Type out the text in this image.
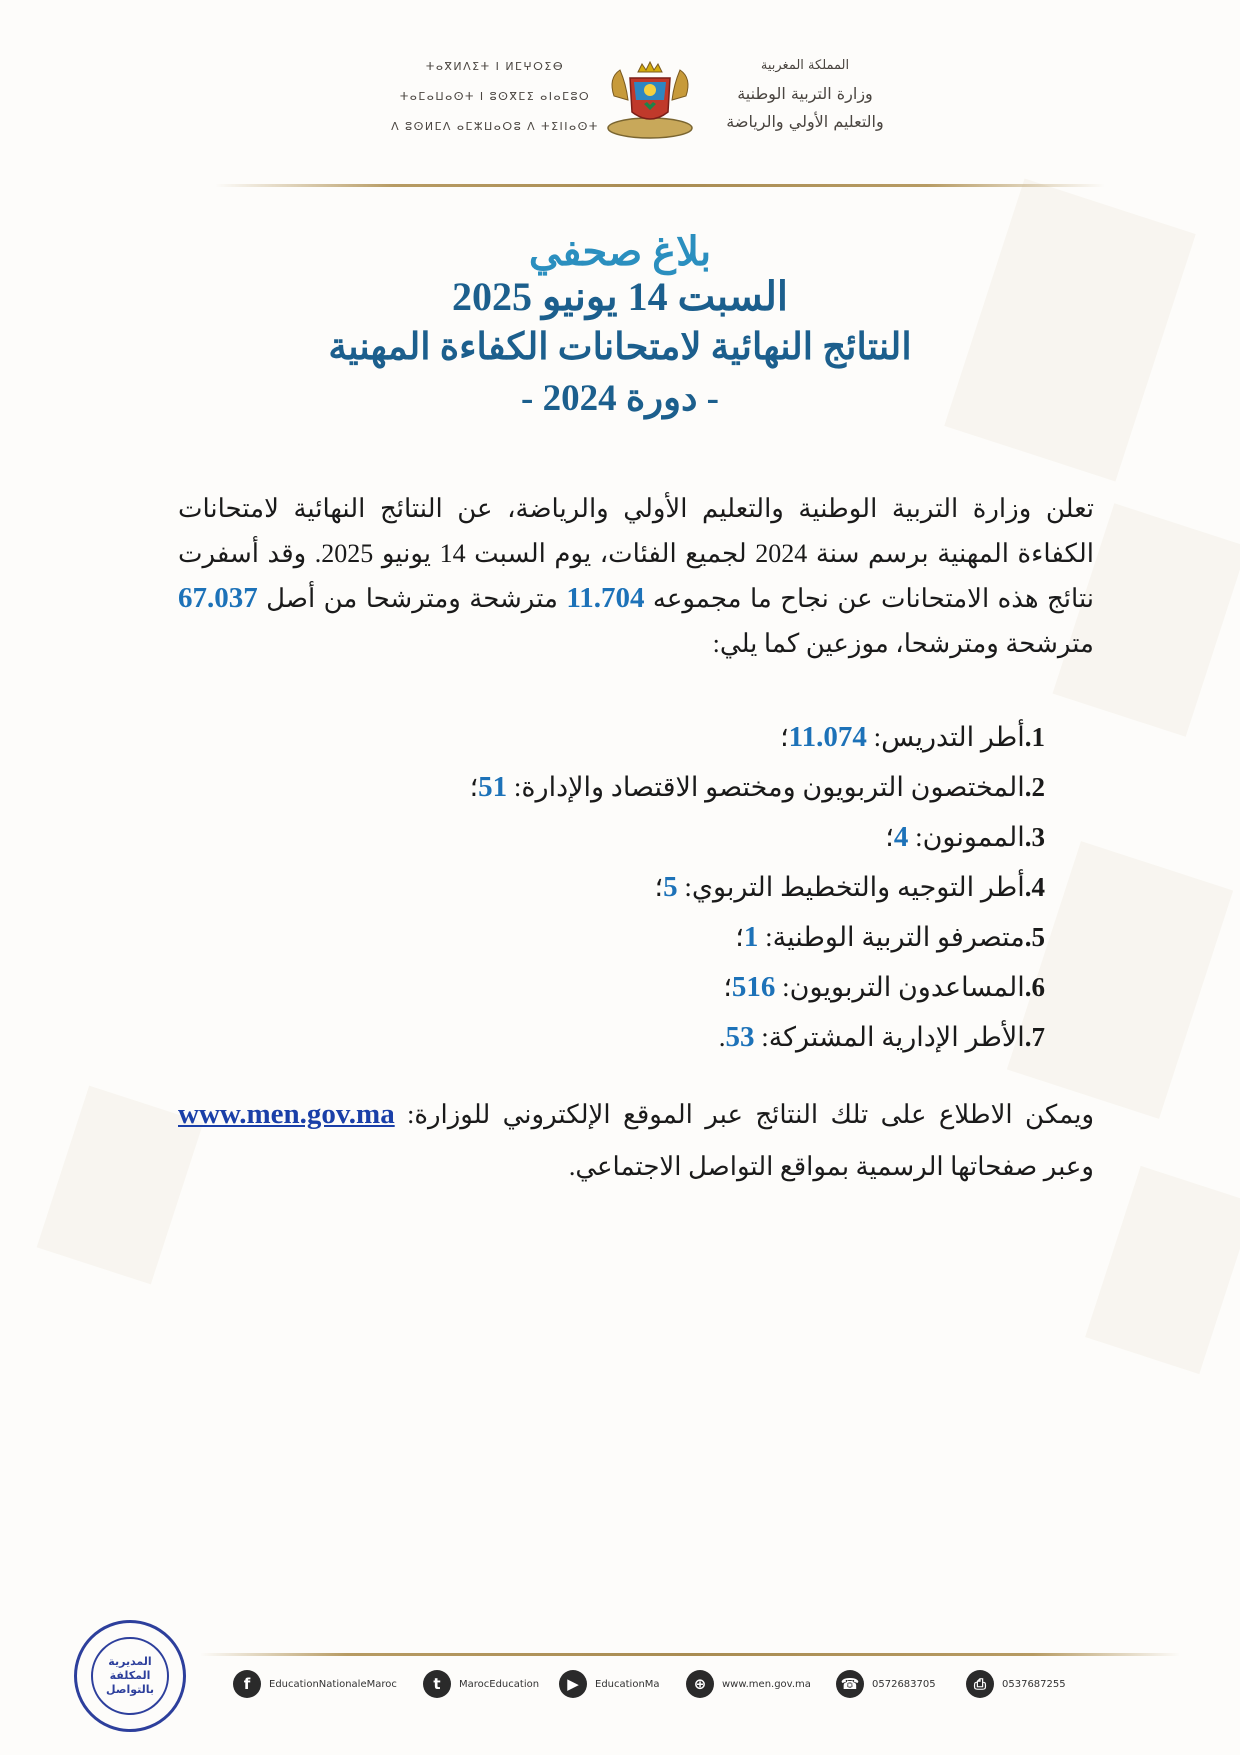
المملكة المغربية
وزارة التربية الوطنية
والتعليم الأولي والرياضة
ⵜⴰⴳⵍⴷⵉⵜ ⵏ ⵍⵎⵖⵔⵉⴱ
ⵜⴰⵎⴰⵡⴰⵙⵜ ⵏ ⵓⵙⴳⵎⵉ ⴰⵏⴰⵎⵓⵔ
ⴷ ⵓⵙⵍⵎⴷ ⴰⵎⵣⵡⴰⵔⵓ ⴷ ⵜⵉⵏⵏⴰⵙⵜ
بلاغ صحفي
السبت 14 يونيو 2025
النتائج النهائية لامتحانات الكفاءة المهنية
- دورة 2024 -
تعلن وزارة التربية الوطنية والتعليم الأولي والرياضة، عن النتائج النهائية لامتحانات الكفاءة المهنية برسم سنة 2024 لجميع الفئات، يوم السبت 14 يونيو 2025. وقد أسفرت نتائج هذه الامتحانات عن نجاح ما مجموعه 11.704 مترشحة ومترشحا من أصل 67.037 مترشحة ومترشحا، موزعين كما يلي:
1.أطر التدريس: 11.074؛
2.المختصون التربويون ومختصو الاقتصاد والإدارة: 51؛
3.الممونون: 4؛
4.أطر التوجيه والتخطيط التربوي: 5؛
5.متصرفو التربية الوطنية: 1؛
6.المساعدون التربويون: 516؛
7.الأطر الإدارية المشتركة: 53.
ويمكن الاطلاع على تلك النتائج عبر الموقع الإلكتروني للوزارة: www.men.gov.ma وعبر صفحاتها الرسمية بمواقع التواصل الاجتماعي.
المديرية
المكلفة
بالتواصل	f	EducationNationaleMaroc	t	MarocEducation	▶	EducationMa	⊕	www.men.gov.ma	☎	0572683705	⎙	0537687255
